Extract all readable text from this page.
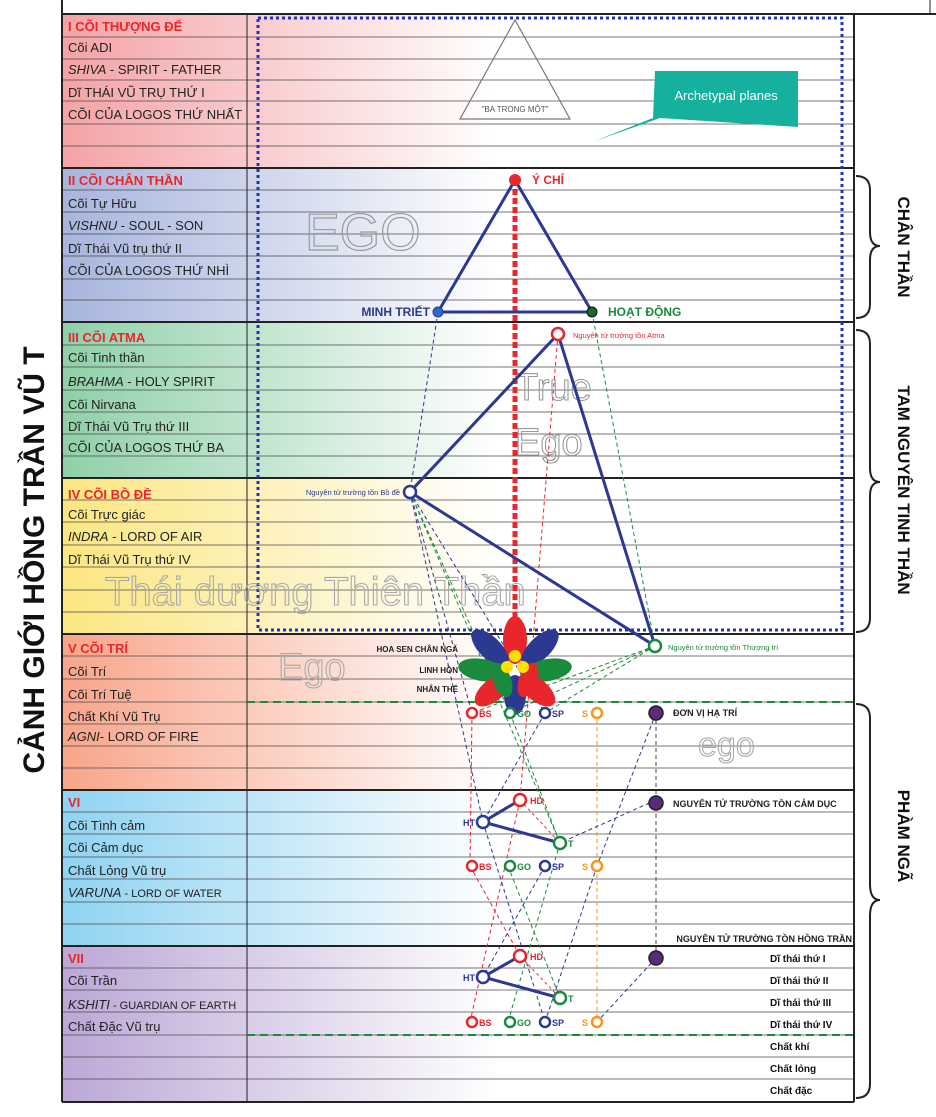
EGO
True
Ego
Thái dương Thiên Thần
Ego
ego
"BA TRONG MỘT"
Archetypal planes
BS	GO SP S
BS	GO SP S
BS	GO SP S
HD
HT
T
HD
HT
T
Ý CHÍ
MINH TRIẾT	HOẠT ĐỘNG
Nguyên tử trường tồn Atma
Nguyên tử trường tồn Bồ đề
Nguyên tử trường tồn Thượng trí
HOA SEN CHÂN NGÃ
LINH HỒN
NHÂN THỂ
ĐƠN VỊ HẠ TRÍ
NGUYÊN TỬ TRƯỜNG TỒN CẢM DỤC
NGUYÊN TỬ TRƯỜNG TỒN HỒNG TRẦN
I CÕI THƯỢNG ĐẾ
Cõi ADI
SHIVA - SPIRIT - FATHER
Dĩ THÁI VŨ TRỤ THỨ I
CÕI CỦA LOGOS THỨ NHẤT
II CÕI CHÂN THẦN
Cõi Tự Hữu
VISHNU - SOUL - SON
Dĩ Thái Vũ trụ thứ II
CÕI CỦA LOGOS THỨ NHÌ
III CÕI ATMA
Cõi Tinh thần
BRAHMA - HOLY SPIRIT
Cõi Nirvana
Dĩ Thái Vũ Trụ thứ III
CÕI CỦA LOGOS THỨ BA
IV CÕI BỒ ĐỀ
Cõi Trực giác
INDRA - LORD OF AIR
Dĩ Thái Vũ Trụ thứ IV
V CÕI TRÍ
Cõi Trí
Cõi Trí Tuệ
Chất Khí Vũ Trụ
AGNI- LORD OF FIRE
VI
Cõi Tình cảm
Cõi Cảm dục
Chất Lỏng Vũ trụ
VARUNA - LORD OF WATER
VII
Cõi Trần
KSHITI - GUARDIAN OF EARTH
Chất Đặc Vũ trụ
Dĩ thái thứ I
Dĩ thái thứ II
Dĩ thái thứ III
Dĩ thái thứ IV
Chất khí
Chất lỏng
Chất đặc
CẢNH GIỚI HỒNG TRẦN VŨ T
CHÂN THẦN
TAM NGUYÊN TINH THẦN
PHÀM NGÃ
